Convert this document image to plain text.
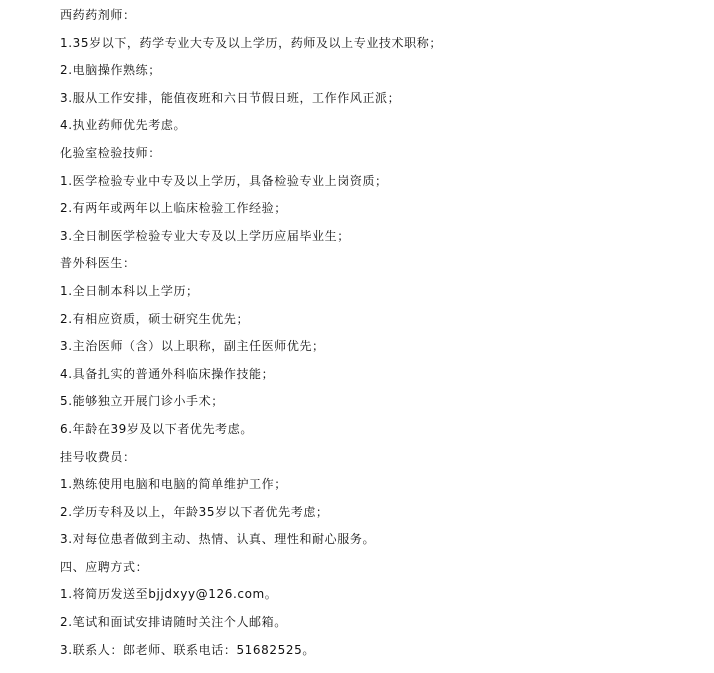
西药药剂师：
1.35岁以下，药学专业大专及以上学历，药师及以上专业技术职称；
2.电脑操作熟练；
3.服从工作安排，能值夜班和六日节假日班，工作作风正派；
4.执业药师优先考虑。
化验室检验技师：
1.医学检验专业中专及以上学历，具备检验专业上岗资质；
2.有两年或两年以上临床检验工作经验；
3.全日制医学检验专业大专及以上学历应届毕业生；
普外科医生：
1.全日制本科以上学历；
2.有相应资质，硕士研究生优先；
3.主治医师（含）以上职称，副主任医师优先；
4.具备扎实的普通外科临床操作技能；
5.能够独立开展门诊小手术；
6.年龄在39岁及以下者优先考虑。
挂号收费员：
1.熟练使用电脑和电脑的简单维护工作；
2.学历专科及以上，年龄35岁以下者优先考虑；
3.对每位患者做到主动、热情、认真、理性和耐心服务。
四、应聘方式：
1.将简历发送至bjjdxyy@126.com。
2.笔试和面试安排请随时关注个人邮箱。
3.联系人：郎老师、联系电话：51682525。
